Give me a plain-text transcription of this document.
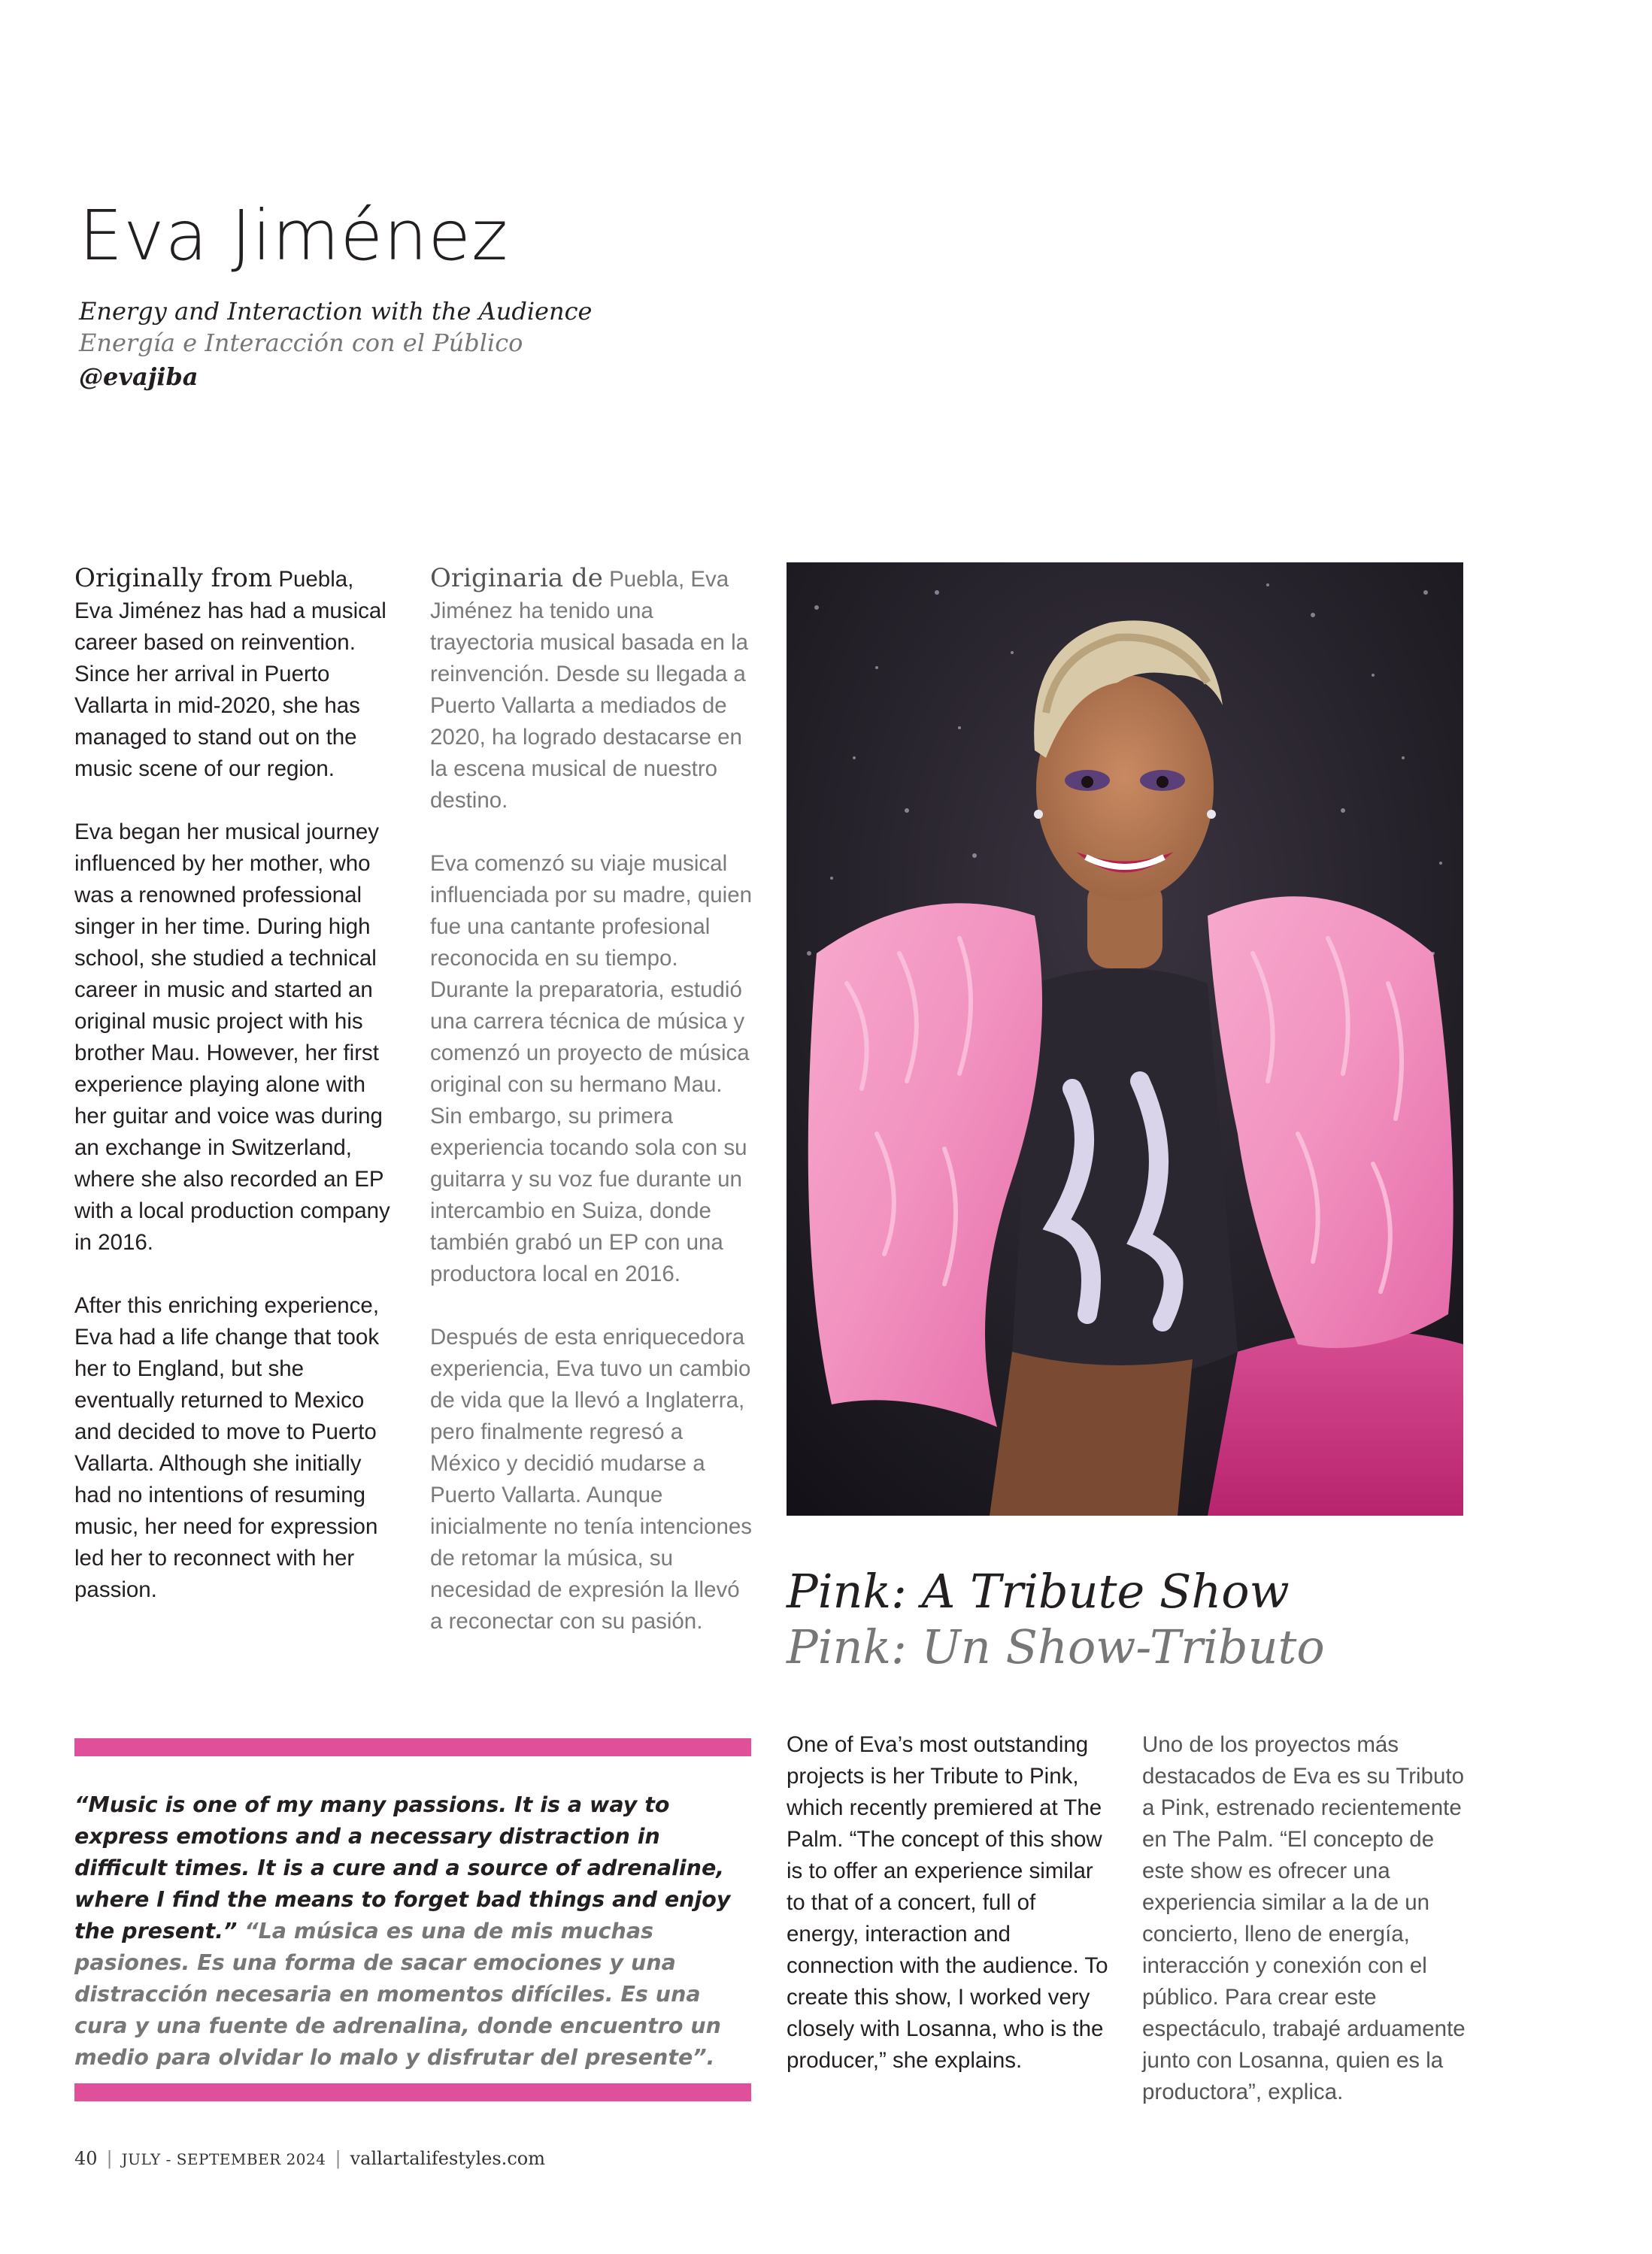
Eva Jiménez
Energy and Interaction with the Audience
Energía e Interacción con el Público
@evajiba

Originally from Puebla, Eva Jiménez has had a musical career based on reinvention. Since her arrival in Puerto Vallarta in mid-2020, she has managed to stand out on the music scene of our region.

Eva began her musical journey influenced by her mother, who was a renowned professional singer in her time. During high school, she studied a technical career in music and started an original music project with his brother Mau. However, her first experience playing alone with her guitar and voice was during an exchange in Switzerland, where she also recorded an EP with a local production company in 2016.

After this enriching experience, Eva had a life change that took her to England, but she eventually returned to Mexico and decided to move to Puerto Vallarta. Although she initially had no intentions of resuming music, her need for expression led her to reconnect with her passion.

Originaria de Puebla, Eva Jiménez ha tenido una trayectoria musical basada en la reinvención. Desde su llegada a Puerto Vallarta a mediados de 2020, ha logrado destacarse en la escena musical de nuestro destino.

Eva comenzó su viaje musical influenciada por su madre, quien fue una cantante profesional reconocida en su tiempo. Durante la preparatoria, estudió una carrera técnica de música y comenzó un proyecto de música original con su hermano Mau. Sin embargo, su primera experiencia tocando sola con su guitarra y su voz fue durante un intercambio en Suiza, donde también grabó un EP con una productora local en 2016.

Después de esta enriquecedora experiencia, Eva tuvo un cambio de vida que la llevó a Inglaterra, pero finalmente regresó a México y decidió mudarse a Puerto Vallarta. Aunque inicialmente no tenía intenciones de retomar la música, su necesidad de expresión la llevó a reconectar con su pasión.

Pink: A Tribute Show
Pink: Un Show-Tributo

“Music is one of my many passions. It is a way to express emotions and a necessary distraction in difficult times. It is a cure and a source of adrenaline, where I find the means to forget bad things and enjoy the present.” “La música es una de mis muchas pasiones. Es una forma de sacar emociones y una distracción necesaria en momentos difíciles. Es una cura y una fuente de adrenalina, donde encuentro un medio para olvidar lo malo y disfrutar del presente”.

One of Eva’s most outstanding projects is her Tribute to Pink, which recently premiered at The Palm. “The concept of this show is to offer an experience similar to that of a concert, full of energy, interaction and connection with the audience. To create this show, I worked very closely with Losanna, who is the producer,” she explains.

Uno de los proyectos más destacados de Eva es su Tributo a Pink, estrenado recientemente en The Palm. “El concepto de este show es ofrecer una experiencia similar a la de un concierto, lleno de energía, interacción y conexión con el público. Para crear este espectáculo, trabajé arduamente junto con Losanna, quien es la productora”, explica.

40 | JULY - SEPTEMBER 2024 | vallartalifestyles.com
